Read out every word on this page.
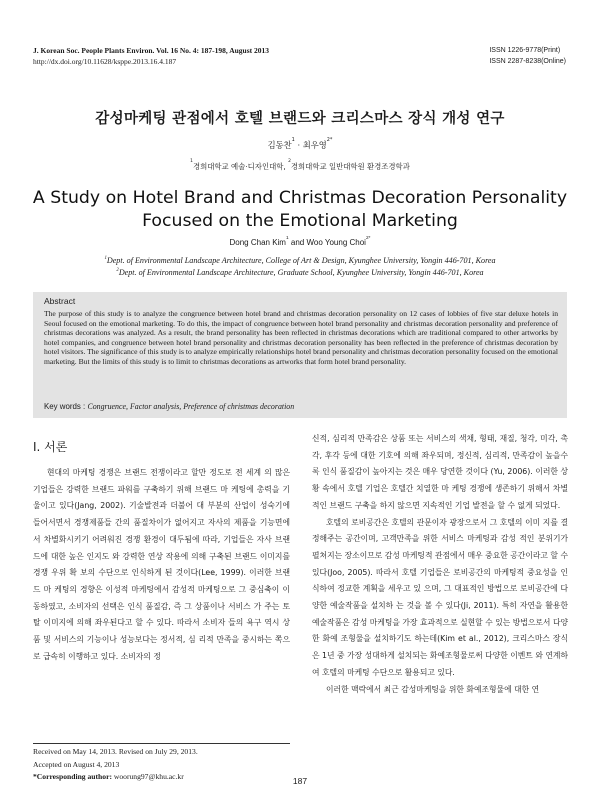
J. Korean Soc. People Plants Environ. Vol. 16 No. 4: 187-198, August 2013
http://dx.doi.org/10.11628/ksppe.2013.16.4.187
ISSN 1226-9778(Print)
ISSN 2287-8238(Online)
감성마케팅 관점에서 호텔 브랜드와 크리스마스 장식 개성 연구
김동찬$^1$ · 최우영$^{2*}$
$^1$경희대학교 예술·디자인대학, $^2$경희대학교 일반대학원 환경조경학과
A Study on Hotel Brand and Christmas Decoration Personality Focused on the Emotional Marketing
Dong Chan Kim$^1$ and Woo Young Choi$^{2*}$
$^1$Dept. of Environmental Landscape Architecture, College of Art & Design, Kyunghee University, Yongin 446-701, Korea
$^2$Dept. of Environmental Landscape Architecture, Graduate School, Kyunghee University, Yongin 446-701, Korea
Abstract
The purpose of this study is to analyze the congruence between hotel brand and christmas decoration personality on 12 cases of lobbies of five star deluxe hotels in Seoul focused on the emotional marketing. To do this, the impact of congruence between hotel brand personality and christmas decoration personality and preference of christmas decorations was analyzed. As a result, the brand personality has been reflected in christmas decorations which are traditional compared to other artworks by hotel companies, and congruence between hotel brand personality and christmas decoration personality has been reflected in the preference of christmas decoration by hotel visitors. The significance of this study is to analyze empirically relationships hotel brand personality and christmas decoration personality focused on the emotional marketing. But the limits of this study is to limit to christmas decorations as artworks that form hotel brand personality.
Key words : Congruence, Factor analysis, Preference of christmas decoration
Ⅰ. 서론

현대의 마케팅 경쟁은 브랜드 전쟁이라고 할만 정도로 전 세계 의 많은 기업들은 강력한 브랜드 파워를 구축하기 위해 브랜드 마 케팅에 총력을 기울이고 있다(Jang, 2002). 기술발전과 더불어 대 부분의 산업이 성숙기에 들어서면서 경쟁제품들 간의 품질차이가 없어지고 자사의 제품을 기능면에서 차별화시키기 어려워진 경쟁 환경이 대두됨에 따라, 기업들은 자사 브랜드에 대한 높은 인지도 와 강력한 연상 작용에 의해 구축된 브랜드 이미지를 경쟁 우위 확 보의 수단으로 인식하게 된 것이다(Lee, 1999). 이러한 브랜드 마 케팅의 경향은 이성적 마케팅에서 감성적 마케팅으로 그 중심축이 이동하였고, 소비자의 선택은 인식 품질감, 즉 그 상품이나 서비스 가 주는 토탈 이미지에 의해 좌우된다고 할 수 있다. 따라서 소비자 들의 욕구 역시 상품 및 서비스의 기능이나 성능보다는 정서적, 심 리적 만족을 중시하는 쪽으로 급속히 이행하고 있다. 소비자의 정

Received on May 14, 2013. Revised on July 29, 2013.
Accepted on August 4, 2013
*Corresponding author: woorung97@khu.ac.kr

신적, 심리적 만족감은 상품 또는 서비스의 색채, 형태, 재질, 청각, 미각, 촉각, 후각 등에 대한 기호에 의해 좌우되며, 정신적, 심리적, 만족감이 높을수록 인식 품질감이 높아지는 것은 매우 당연한 것이다 (Yu, 2006). 이러한 상황 속에서 호텔 기업은 호텔간 치열한 마 케팅 경쟁에 생존하기 위해서 차별적인 브랜드 구축을 하지 않으면 지속적인 기업 발전을 할 수 없게 되었다.

호텔의 로비공간은 호텔의 관문이자 광장으로서 그 호텔의 이미 지를 결정해주는 공간이며, 고객만족을 위한 서비스 마케팅과 감성 적인 분위기가 펼쳐지는 장소이므로 감성 마케팅적 관점에서 매우 중요한 공간이라고 할 수 있다(Joo, 2005). 따라서 호텔 기업들은 로비공간의 마케팅적 중요성을 인식하여 정교한 계획을 세우고 있 으며, 그 대표적인 방법으로 로비공간에 다양한 예술작품을 설치하 는 것을 볼 수 있다(Ji, 2011). 특히 자연을 활용한 예술작품은 감성 마케팅을 가장 효과적으로 실현할 수 있는 방법으로서 다양한 화예 조형물을 설치하기도 하는데(Kim et al., 2012), 크리스마스 장식 은 1년 중 가장 성대하게 설치되는 화예조형물로써 다양한 이벤트 와 연계하여 호텔의 마케팅 수단으로 활용되고 있다.

이러한 맥락에서 최근 감성마케팅을 위한 화예조형물에 대한 연

187
